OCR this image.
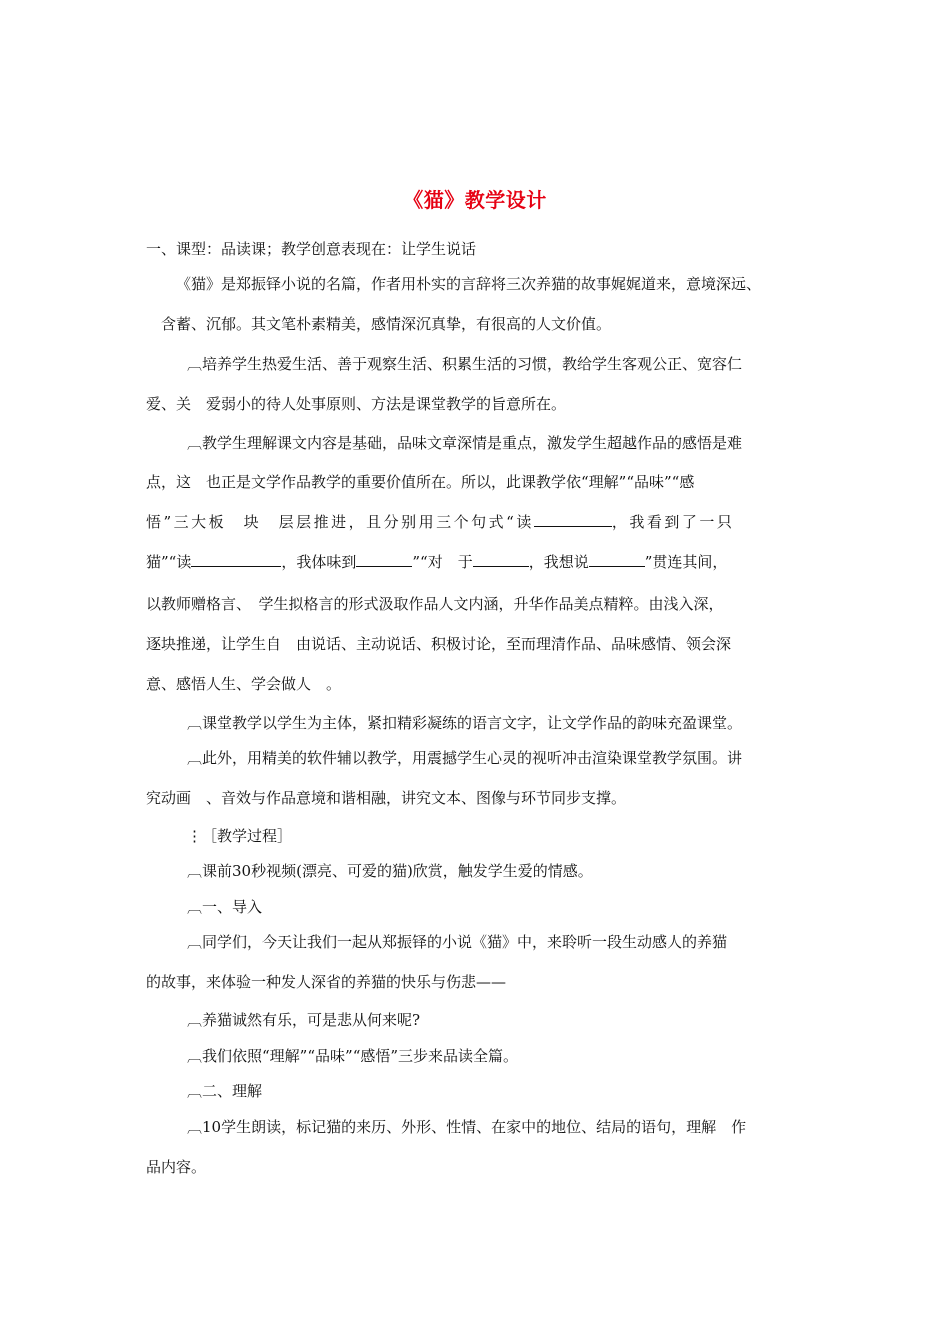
《猫》教学设计
一、课型：品读课；教学创意表现在：让学生说话
《猫》是郑振铎小说的名篇，作者用朴实的言辞将三次养猫的故事娓娓道来，意境深远、
含蓄、沉郁。其文笔朴素精美，感情深沉真挚，有很高的人文价值。
︹培养学生热爱生活、善于观察生活、积累生活的习惯，教给学生客观公正、宽容仁
爱、关　爱弱小的待人处事原则、方法是课堂教学的旨意所在。
︹教学生理解课文内容是基础，品味文章深情是重点，激发学生超越作品的感悟是难
点，这　也正是文学作品教学的重要价值所在。所以，此课教学依“理解”“品味”“感
悟”三大板　块　层层推进，且分别用三个句式“读	，我看到了一只
猫”“读	，我体味到	”“对　于	，我想说	”贯连其间，
以教师赠格言、　学生拟格言的形式汲取作品人文内涵，升华作品美点精粹。由浅入深，
逐块推递，让学生自　由说话、主动说话、积极讨论，至而理清作品、品味感情、领会深
意、感悟人生、学会做人　。
︹课堂教学以学生为主体，紧扣精彩凝练的语言文字，让文学作品的韵味充盈课堂。
︹此外，用精美的软件辅以教学，用震撼学生心灵的视听冲击渲染课堂教学氛围。讲
究动画　、音效与作品意境和谐相融，讲究文本、图像与环节同步支撑。
⋮［教学过程］
︹课前30秒视频(漂亮、可爱的猫)欣赏，触发学生爱的情感。
︹一、导入
︹同学们，今天让我们一起从郑振铎的小说《猫》中，来聆听一段生动感人的养猫
的故事，来体验一种发人深省的养猫的快乐与伤悲——
︹养猫诚然有乐，可是悲从何来呢?
︹我们依照“理解”“品味”“感悟”三步来品读全篇。
︹二、理解
︹10学生朗读，标记猫的来历、外形、性情、在家中的地位、结局的语句，理解　作
品内容。
